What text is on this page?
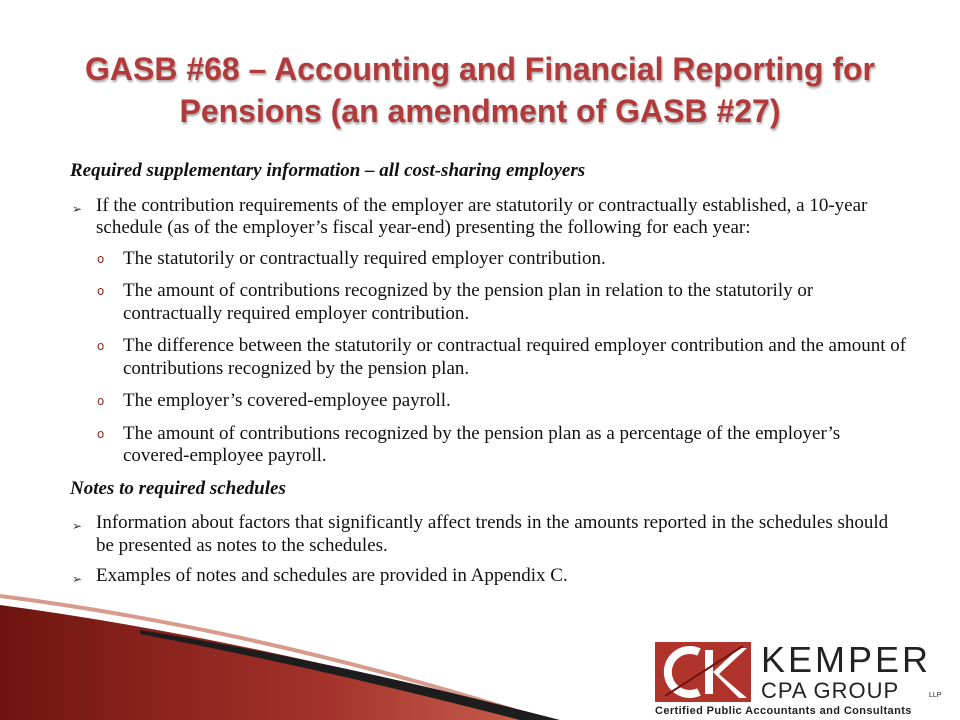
GASB #68 – Accounting and Financial Reporting for Pensions (an amendment of GASB #27)

Required supplementary information – all cost-sharing employers

➢ If the contribution requirements of the employer are statutorily or contractually established, a 10-year schedule (as of the employer’s fiscal year-end) presenting the following for each year:

o The statutorily or contractually required employer contribution.

o The amount of contributions recognized by the pension plan in relation to the statutorily or contractually required employer contribution.

o The difference between the statutorily or contractual required employer contribution and the amount of contributions recognized by the pension plan.

o The employer’s covered-employee payroll.

o The amount of contributions recognized by the pension plan as a percentage of the employer’s covered-employee payroll.

Notes to required schedules

➢ Information about factors that significantly affect trends in the amounts reported in the schedules should be presented as notes to the schedules.

➢ Examples of notes and schedules are provided in Appendix C.

KEMPER
CPA GROUP	LLP
Certified Public Accountants and Consultants
